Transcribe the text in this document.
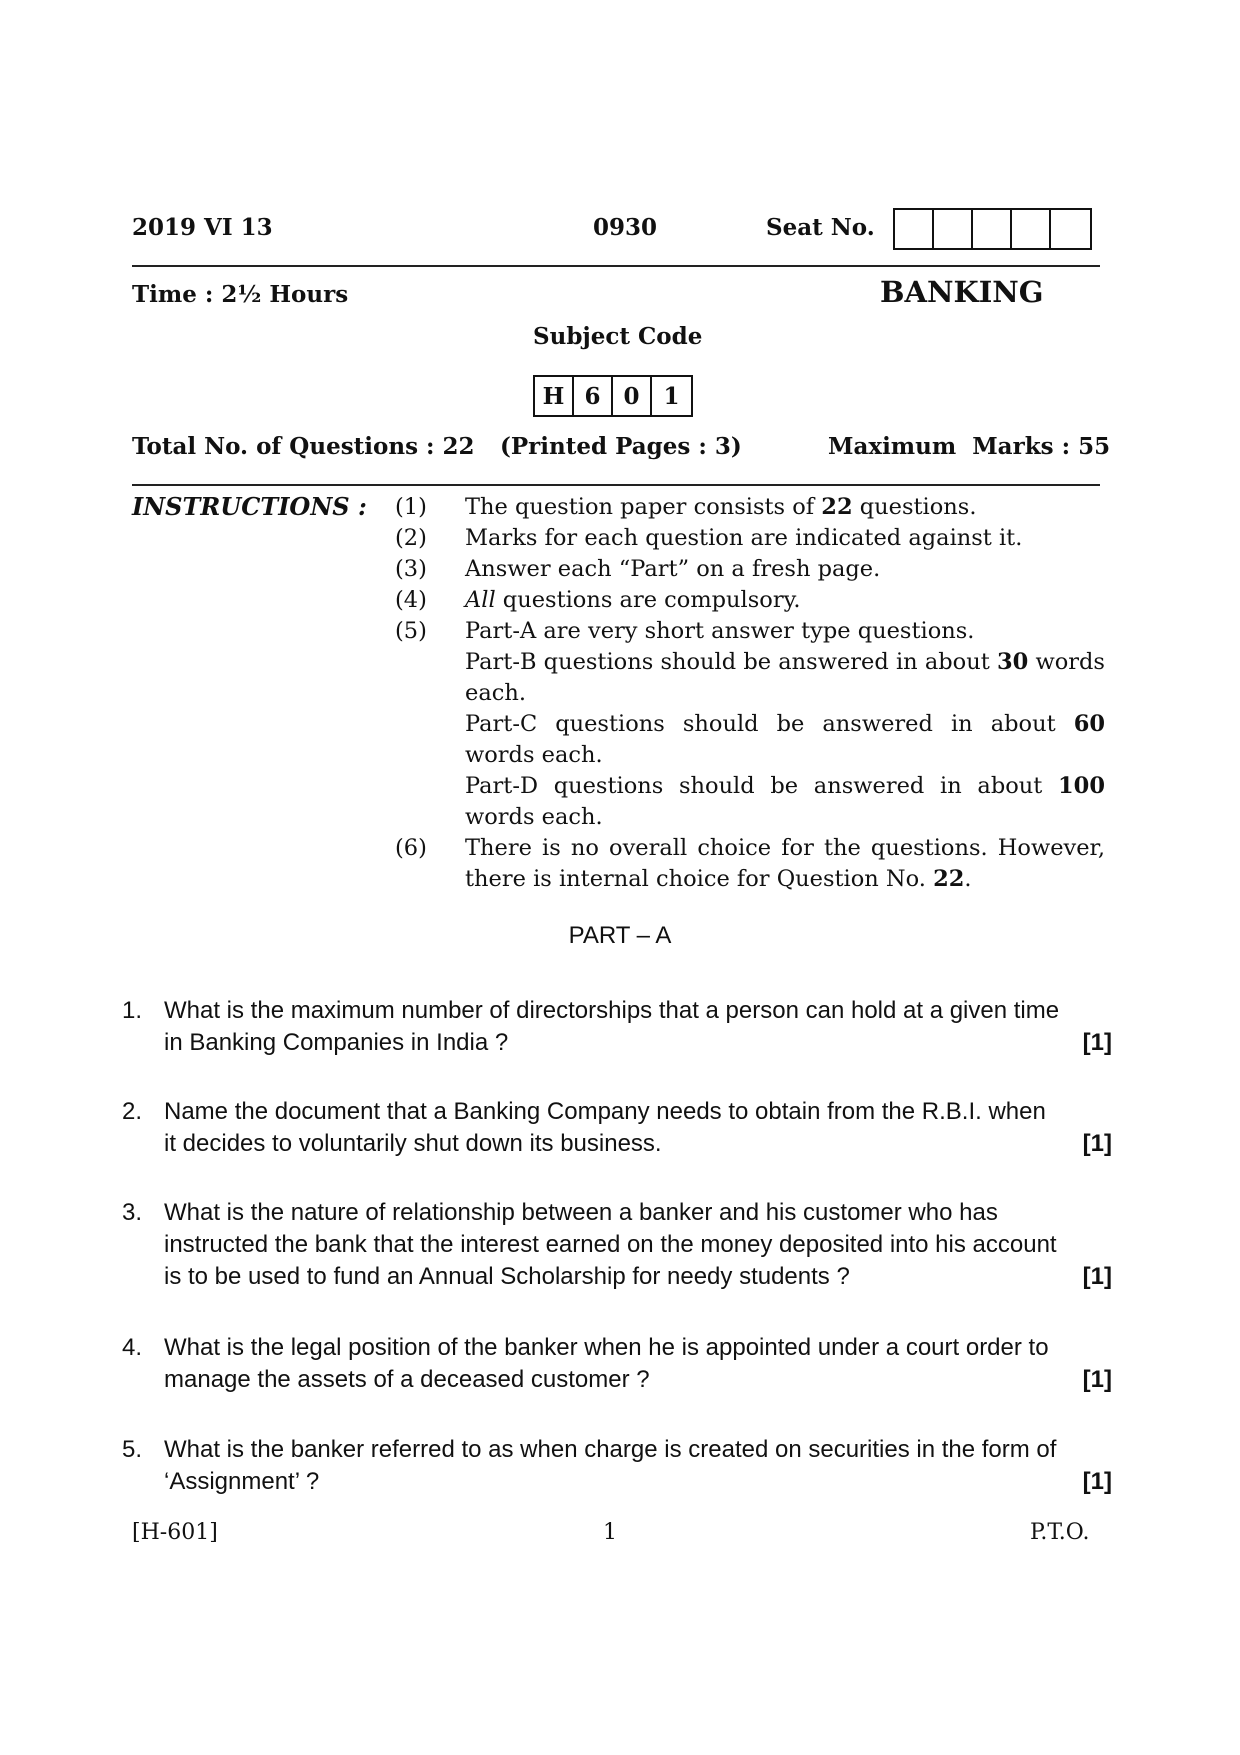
2019 VI 13	0930	Seat No.
Time : 2½ Hours	BANKING
Subject Code
H 6 0	1
Total No. of Questions : 22 (Printed Pages : 3)	Maximum  Marks : 55
INSTRUCTIONS : (1)	The question paper consists of 22 questions.

(2)	Marks for each question are indicated against it.

(3)	Answer each “Part” on a fresh page.

(4)	All questions are compulsory.

(5)	Part-A are very short answer type questions.

Part-B questions should be answered in about 30 words each.

Part-C questions should be answered in about 60 words each.

Part-D questions should be answered in about 100 words each.

(6)	There is no overall choice for the questions. However, there is internal choice for Question No. 22.

PART – A
1. What is the maximum number of directorships that a person can hold at a given time in Banking Companies in India ?	[1]
2. Name the document that a Banking Company needs to obtain from the R.B.I. when it decides to voluntarily shut down its business.	[1]
3. What is the nature of relationship between a banker and his customer who has instructed the bank that the interest earned on the money deposited into his account is to be used to fund an Annual Scholarship for needy students ?	[1]
4. What is the legal position of the banker when he is appointed under a court order to manage the assets of a deceased customer ?	[1]
5. What is the banker referred to as when charge is created on securities in the form of ‘Assignment’ ?	[1]
[H-601]	1	P.T.O.
